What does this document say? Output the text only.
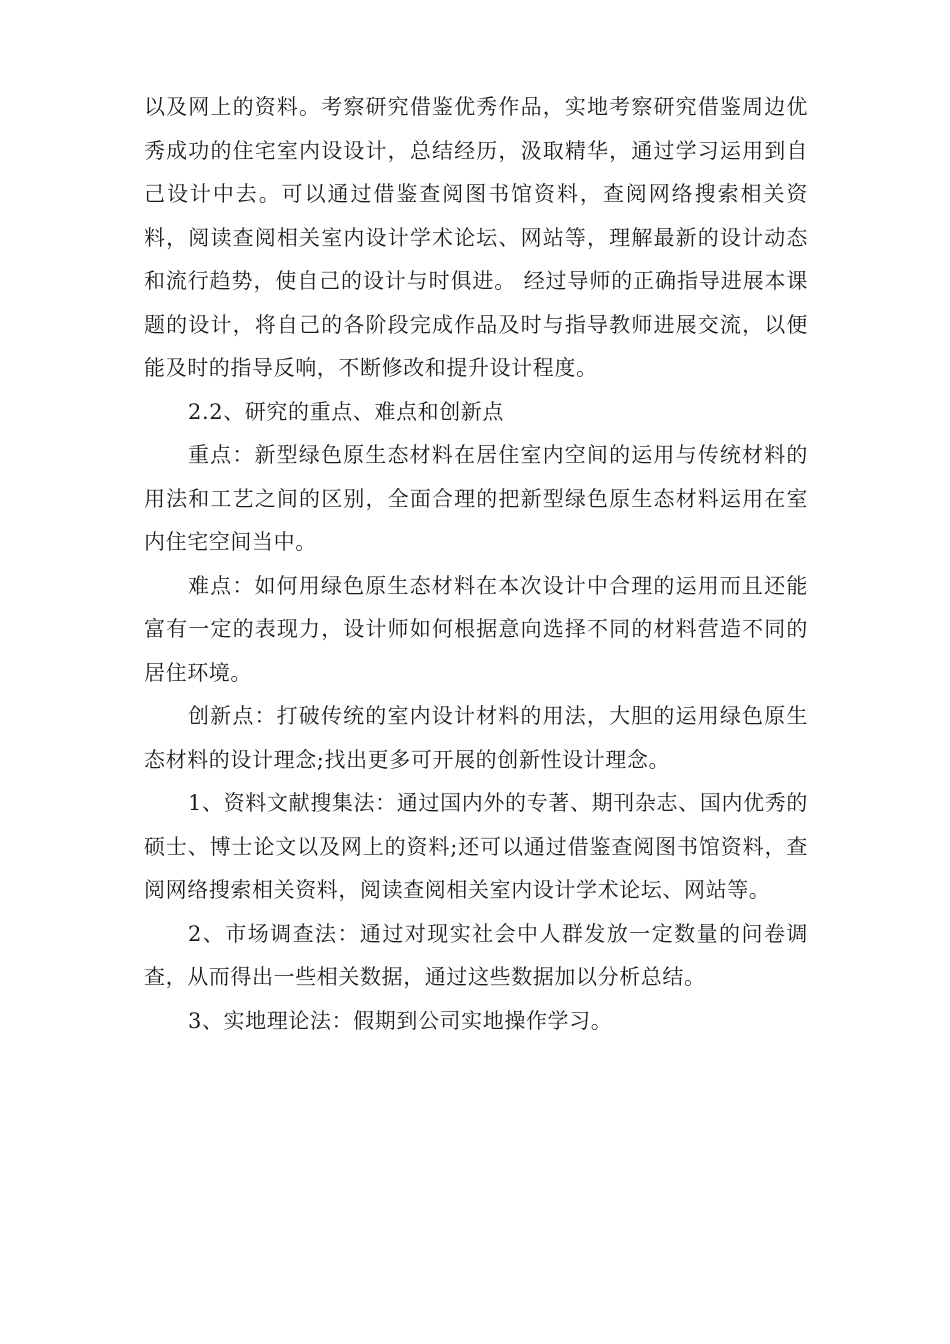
以及网上的资料。考察研究借鉴优秀作品，实地考察研究借鉴周边优秀成功的住宅室内设设计，总结经历，汲取精华，通过学习运用到自己设计中去。可以通过借鉴查阅图书馆资料，查阅网络搜索相关资料，阅读查阅相关室内设计学术论坛、网站等，理解最新的设计动态和流行趋势，使自己的设计与时俱进。 经过导师的正确指导进展本课题的设计，将自己的各阶段完成作品及时与指导教师进展交流，以便能及时的指导反响，不断修改和提升设计程度。

2.2、研究的重点、难点和创新点

重点：新型绿色原生态材料在居住室内空间的运用与传统材料的用法和工艺之间的区别，全面合理的把新型绿色原生态材料运用在室内住宅空间当中。

难点：如何用绿色原生态材料在本次设计中合理的运用而且还能富有一定的表现力，设计师如何根据意向选择不同的材料营造不同的居住环境。

创新点：打破传统的室内设计材料的用法，大胆的运用绿色原生态材料的设计理念;找出更多可开展的创新性设计理念。

1、资料文献搜集法：通过国内外的专著、期刊杂志、国内优秀的硕士、博士论文以及网上的资料;还可以通过借鉴查阅图书馆资料，查阅网络搜索相关资料，阅读查阅相关室内设计学术论坛、网站等。

2、市场调查法：通过对现实社会中人群发放一定数量的问卷调查，从而得出一些相关数据，通过这些数据加以分析总结。

3、实地理论法：假期到公司实地操作学习。
